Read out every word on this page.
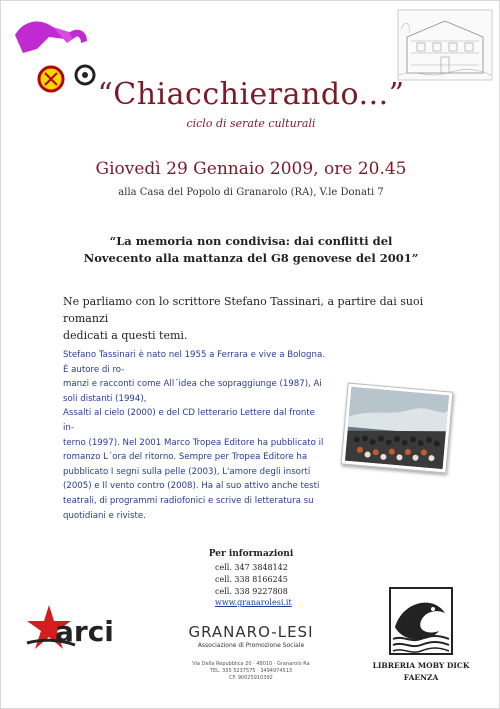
“Chiacchierando...”
ciclo di serate culturali
Giovedì 29 Gennaio 2009, ore 20.45
alla Casa del Popolo di Granarolo (RA), V.le Donati 7
“La memoria non condivisa: dai conflitti del
Novecento alla mattanza del G8 genovese del 2001”
Ne parliamo con lo scrittore Stefano Tassinari, a partire dai suoi romanzi
dedicati a questi temi.
Stefano Tassinari è nato nel 1955 a Ferrara e vive a Bologna. È autore di ro-
manzi e racconti come All´idea che sopraggiunge (1987), Ai soli distanti (1994),
Assalti al cielo (2000) e del CD letterario Lettere dal fronte in-
terno (1997). Nel 2001 Marco Tropea Editore ha pubblicato il
romanzo L´ora del ritorno. Sempre per Tropea Editore ha
pubblicato I segni sulla pelle (2003), L'amore degli insorti
(2005) e Il vento contro (2008). Ha al suo attivo anche testi
teatrali, di programmi radiofonici e scrive di letteratura su
quotidiani e riviste.
Per informazioni
cell. 347 3848142
cell. 338 8166245
cell. 338 9227808
www.granarolesi.it
arci	GRANARO-LESI
Associazione di Promozione Sociale
Via Della Repubblica 20 · 48010 · Granarolo Ra
TEL. 335 5237575 · 3494974513
CF. 90025910392
LIBRERIA MOBY DICK
FAENZA
